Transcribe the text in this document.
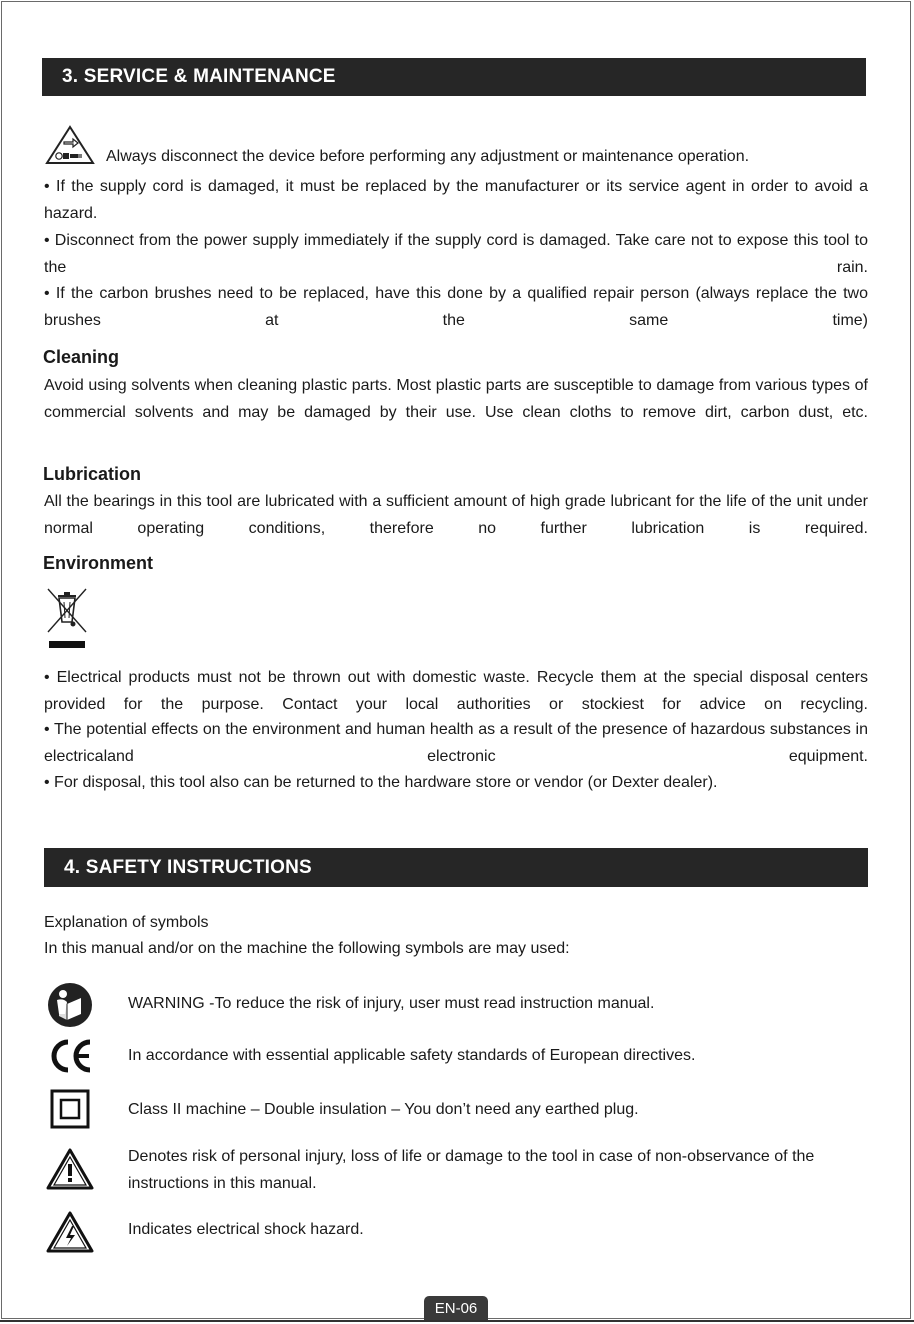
3. SERVICE & MAINTENANCE

Always disconnect the device before performing any adjustment or maintenance operation.

• If the supply cord is damaged, it must be replaced by the manufacturer or its service agent in order to avoid a hazard.

• Disconnect from the power supply immediately if the supply cord is damaged. Take care not to expose this tool to the rain.

• If the carbon brushes need to be replaced, have this done by a qualified repair person (always replace the two brushes at the same time)

Cleaning

Avoid using solvents when cleaning plastic parts. Most plastic parts are susceptible to damage from various types of commercial solvents and may be damaged by their use. Use clean cloths to remove dirt, carbon dust, etc.

Lubrication

All the bearings in this tool are lubricated with a sufficient amount of high grade lubricant for the life of the unit under normal operating conditions, therefore no further lubrication is required.

Environment

• Electrical products must not be thrown out with domestic waste. Recycle them at the special disposal centers provided for the purpose. Contact your local authorities or stockiest for advice on recycling.

• The potential effects on the environment and human health as a result of the presence of hazardous substances in electricaland electronic equipment.

• For disposal, this tool also can be returned to the hardware store or vendor (or Dexter dealer).

4. SAFETY INSTRUCTIONS

Explanation of symbols

In this manual and/or on the machine the following symbols are may used:

WARNING -To reduce the risk of injury, user must read instruction manual.

In accordance with essential applicable safety standards of European directives.

Class II machine – Double insulation – You don’t need any earthed plug.

Denotes risk of personal injury, loss of life or damage to the tool in case of non-observance of the instructions in this manual.

Indicates electrical shock hazard.

EN-06
